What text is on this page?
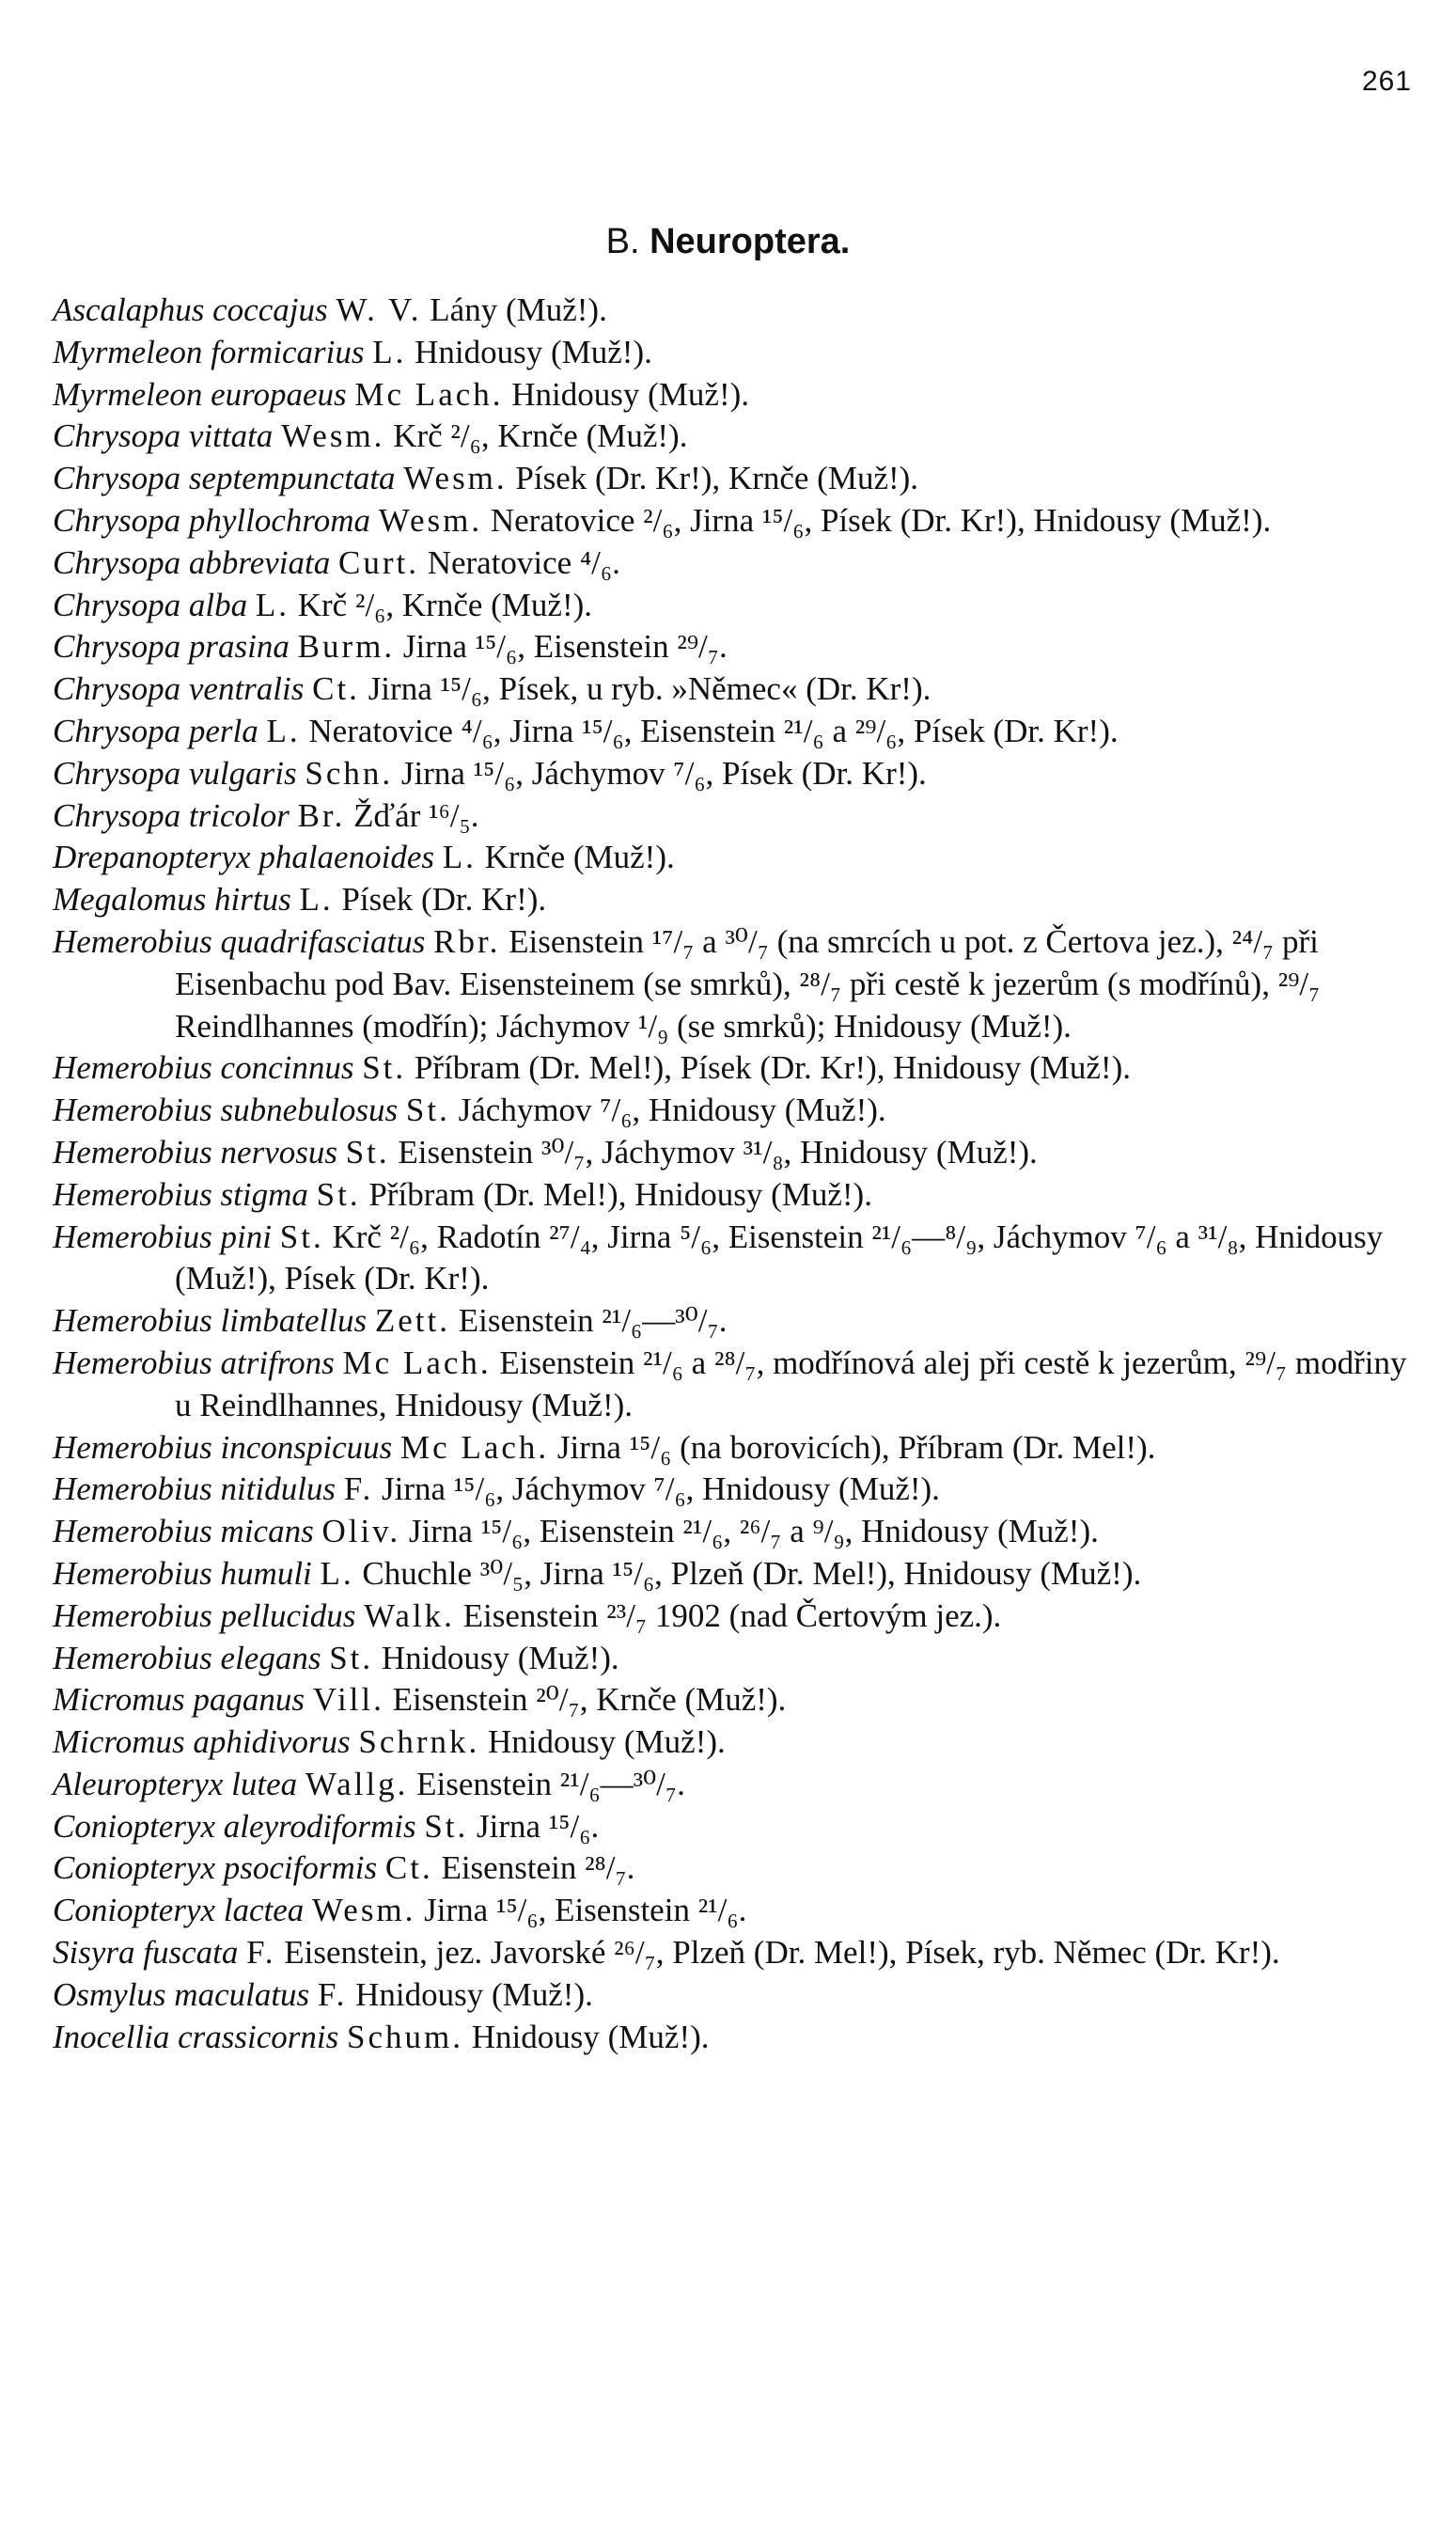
261
B. Neuroptera.
Ascalaphus coccajus W. V. Lány (Muž!).
Myrmeleon formicarius L. Hnidousy (Muž!).
Myrmeleon europaeus Mc Lach. Hnidousy (Muž!).
Chrysopa vittata Wesm. Krč ²/₆, Krnče (Muž!).
Chrysopa septempunctata Wesm. Písek (Dr. Kr!), Krnče (Muž!).
Chrysopa phyllochroma Wesm. Neratovice ²/₆, Jirna ¹⁵/₆, Písek (Dr. Kr!), Hnidousy (Muž!).
Chrysopa abbreviata Curt. Neratovice ⁴/₆.
Chrysopa alba L. Krč ²/₆, Krnče (Muž!).
Chrysopa prasina Burm. Jirna ¹⁵/₆, Eisenstein ²⁹/₇.
Chrysopa ventralis Ct. Jirna ¹⁵/₆, Písek, u ryb. »Němec« (Dr. Kr!).
Chrysopa perla L. Neratovice ⁴/₆, Jirna ¹⁵/₆, Eisenstein ²¹/₆ a ²⁹/₆, Písek (Dr. Kr!).
Chrysopa vulgaris Schn. Jirna ¹⁵/₆, Jáchymov ⁷/₆, Písek (Dr. Kr!).
Chrysopa tricolor Br. Žďár ¹⁶/₅.
Drepanopteryx phalaenoides L. Krnče (Muž!).
Megalomus hirtus L. Písek (Dr. Kr!).
Hemerobius quadrifasciatus Rbr. Eisenstein ¹⁷/₇ a ³⁰/₇ (na smrcích u pot. z Čertova jez.), ²⁴/₇ při Eisenbachu pod Bav. Eisensteinem (se smrků), ²⁸/₇ při cestě k jezerům (s modřínů), ²⁹/₇ Reindlhannes (modřín); Jáchymov ¹/₉ (se smrků); Hnidousy (Muž!).
Hemerobius concinnus St. Příbram (Dr. Mel!), Písek (Dr. Kr!), Hnidousy (Muž!).
Hemerobius subnebulosus St. Jáchymov ⁷/₆, Hnidousy (Muž!).
Hemerobius nervosus St. Eisenstein ³⁰/₇, Jáchymov ³¹/₈, Hnidousy (Muž!).
Hemerobius stigma St. Příbram (Dr. Mel!), Hnidousy (Muž!).
Hemerobius pini St. Krč ²/₆, Radotín ²⁷/₄, Jirna ⁵/₆, Eisenstein ²¹/₆—⁸/₉, Jáchymov ⁷/₆ a ³¹/₈, Hnidousy (Muž!), Písek (Dr. Kr!).
Hemerobius limbatellus Zett. Eisenstein ²¹/₆—³⁰/₇.
Hemerobius atrifrons Mc Lach. Eisenstein ²¹/₆ a ²⁸/₇, modřínová alej při cestě k jezerům, ²⁹/₇ modřiny u Reindlhannes, Hnidousy (Muž!).
Hemerobius inconspicuus Mc Lach. Jirna ¹⁵/₆ (na borovicích), Příbram (Dr. Mel!).
Hemerobius nitidulus F. Jirna ¹⁵/₆, Jáchymov ⁷/₆, Hnidousy (Muž!).
Hemerobius micans Oliv. Jirna ¹⁵/₆, Eisenstein ²¹/₆, ²⁶/₇ a ⁹/₉, Hnidousy (Muž!).
Hemerobius humuli L. Chuchle ³⁰/₅, Jirna ¹⁵/₆, Plzeň (Dr. Mel!), Hnidousy (Muž!).
Hemerobius pellucidus Walk. Eisenstein ²³/₇ 1902 (nad Čertovým jez.).
Hemerobius elegans St. Hnidousy (Muž!).
Micromus paganus Vill. Eisenstein ²⁰/₇, Krnče (Muž!).
Micromus aphidivorus Schrnk. Hnidousy (Muž!).
Aleuropteryx lutea Wallg. Eisenstein ²¹/₆—³⁰/₇.
Coniopteryx aleyrodiformis St. Jirna ¹⁵/₆.
Coniopteryx psociformis Ct. Eisenstein ²⁸/₇.
Coniopteryx lactea Wesm. Jirna ¹⁵/₆, Eisenstein ²¹/₆.
Sisyra fuscata F. Eisenstein, jez. Javorské ²⁶/₇, Plzeň (Dr. Mel!), Písek, ryb. Němec (Dr. Kr!).
Osmylus maculatus F. Hnidousy (Muž!).
Inocellia crassicornis Schum. Hnidousy (Muž!).
